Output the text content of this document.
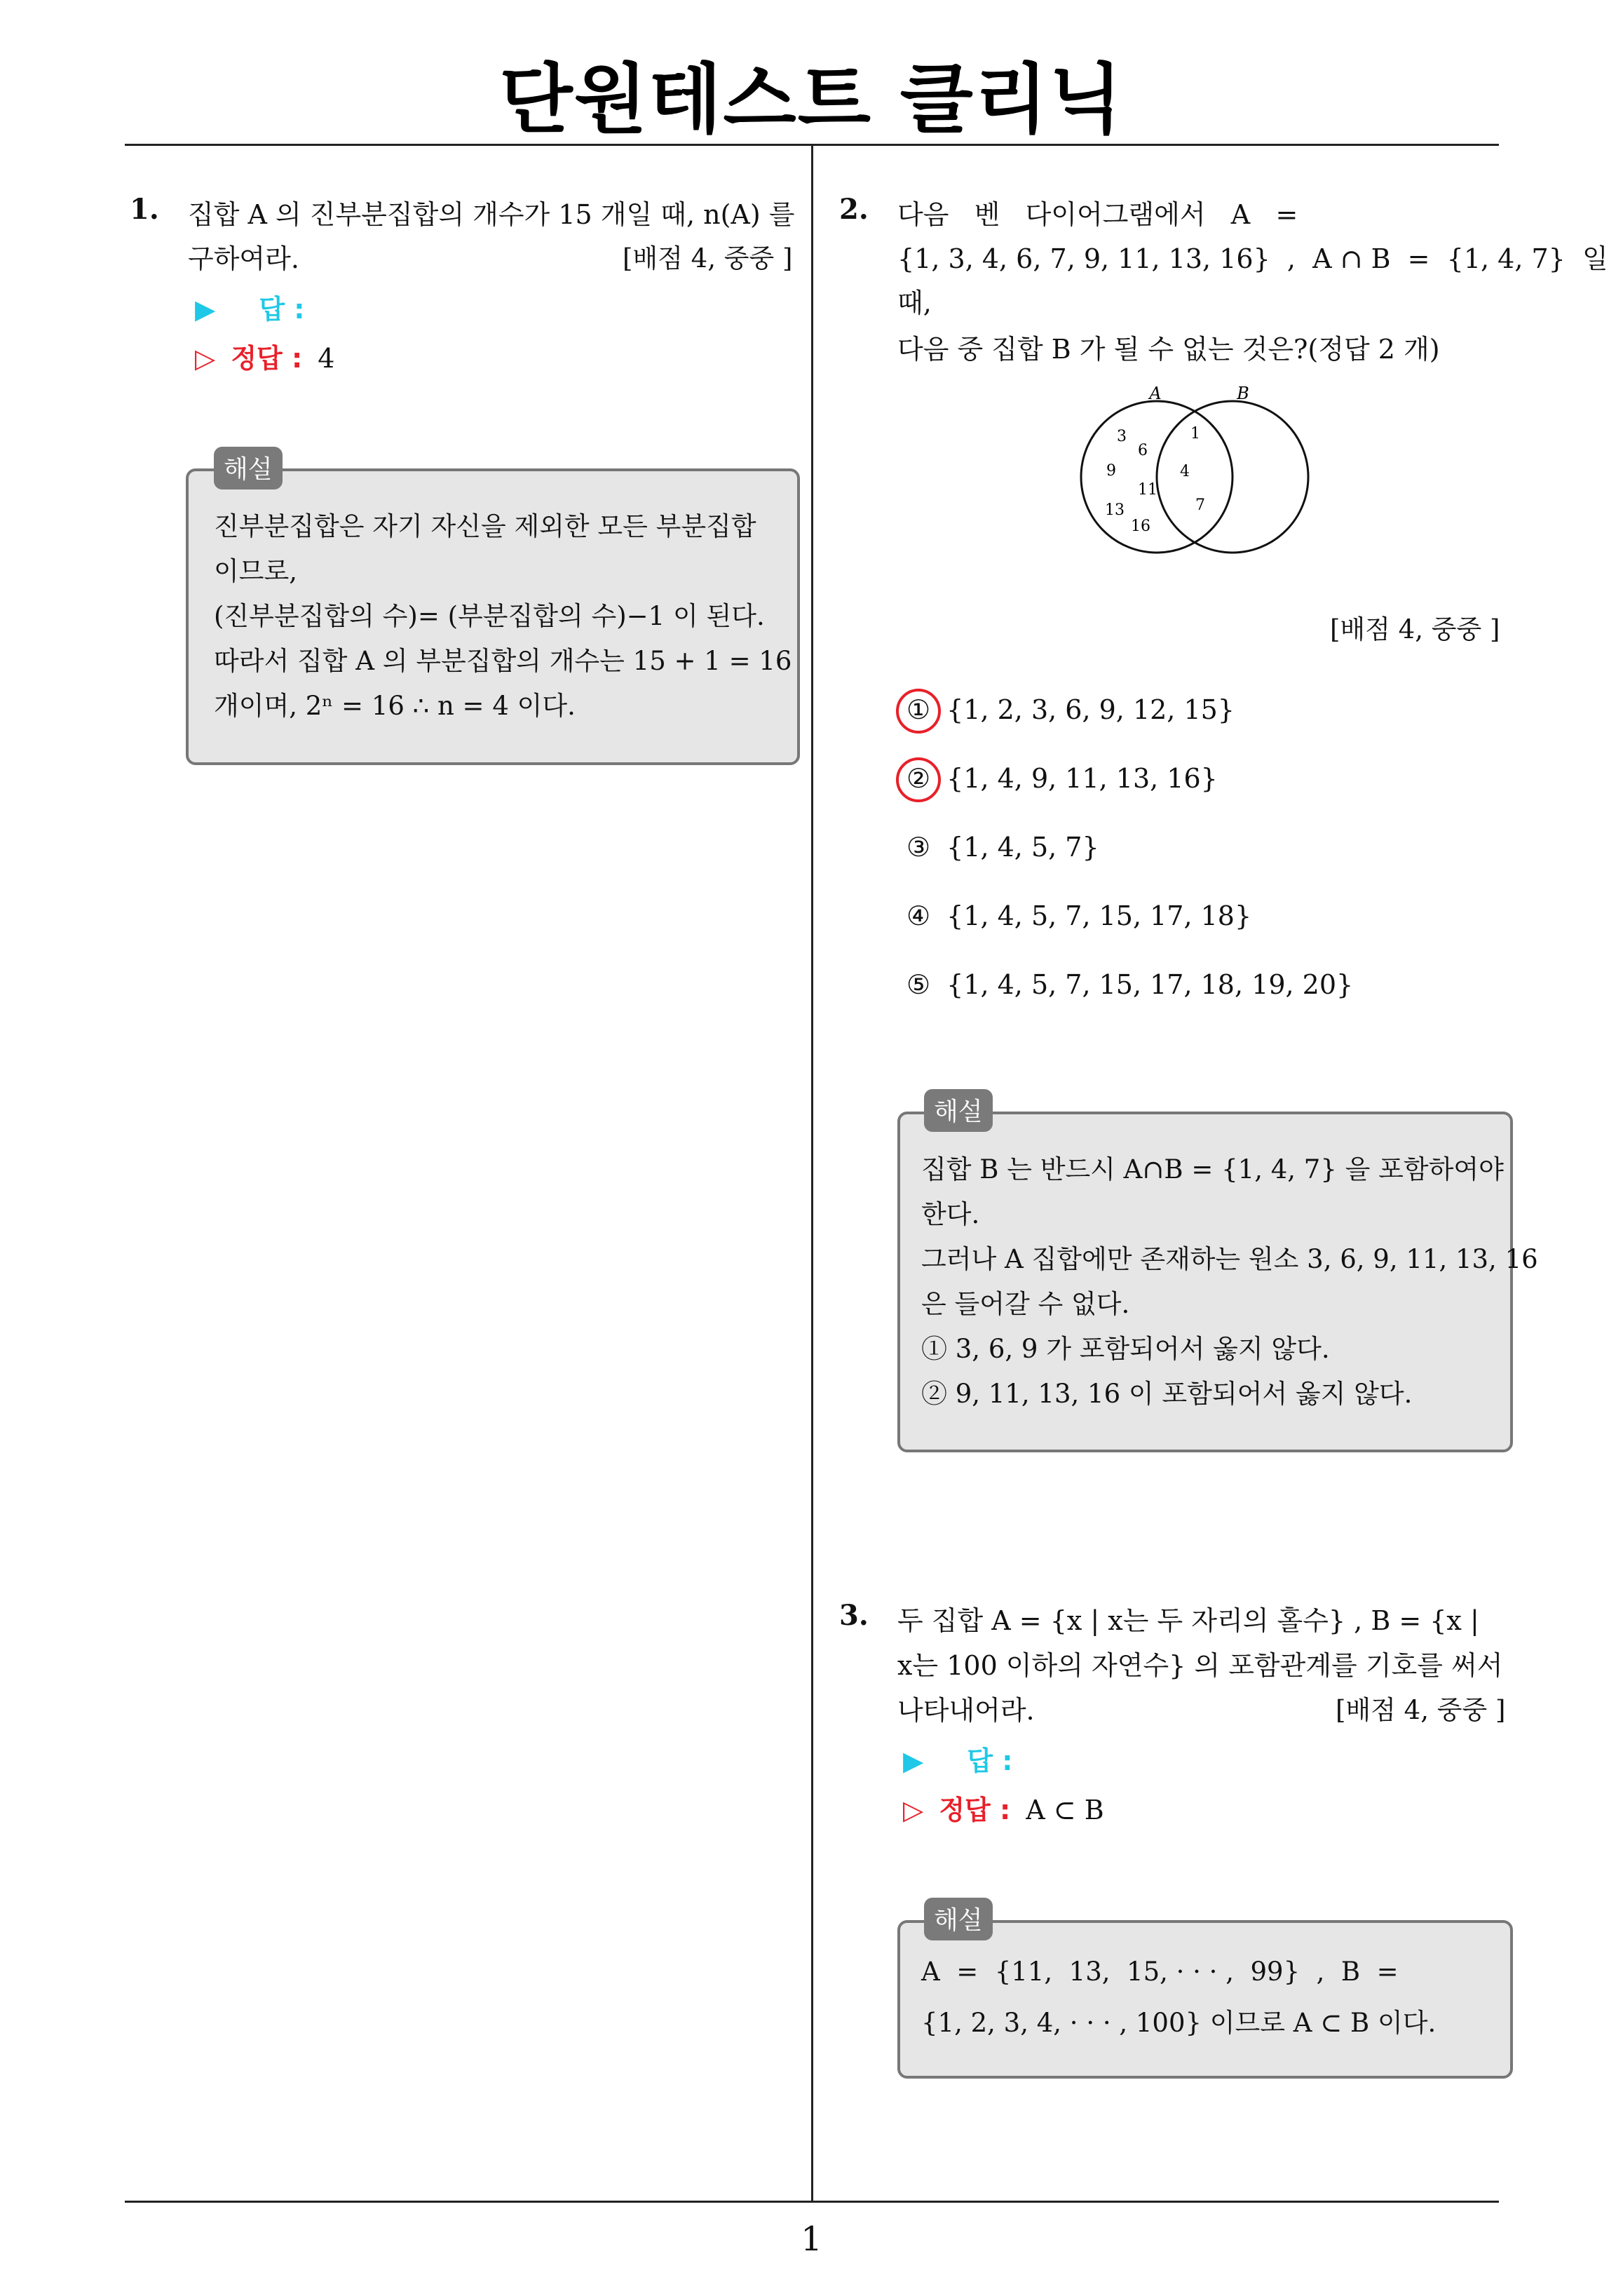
단원테스트 클리닉
1. 집합 A 의 진부분집합의 개수가 15 개일 때, n(A) 를
구하여라.	[배점 4, 중중 ]
▶ 답 :
▷ 정답 : 4
진부분집합은 자기 자신을 제외한 모든 부분집합
이므로,
(진부분집합의 수)= (부분집합의 수)−1 이 된다.
따라서 집합 A 의 부분집합의 개수는 15 + 1 = 16
개이며, 2ⁿ = 16 ∴ n = 4 이다.
해설
2. 다음   벤   다이어그램에서   A   =
{1, 3, 4, 6, 7, 9, 11, 13, 16}  ,  A ∩ B  =  {1, 4, 7}  일
때,
다음 중 집합 B 가 될 수 없는 것은?(정답 2 개)
A	B
3
6
9
11
13
16
1
4
7
[배점 4, 중중 ]
① {1, 2, 3, 6, 9, 12, 15}
② {1, 4, 9, 11, 13, 16}
③ {1, 4, 5, 7}
④ {1, 4, 5, 7, 15, 17, 18}
⑤ {1, 4, 5, 7, 15, 17, 18, 19, 20}
집합 B 는 반드시 A∩B = {1, 4, 7} 을 포함하여야
한다.
그러나 A 집합에만 존재하는 원소 3, 6, 9, 11, 13, 16
은 들어갈 수 없다.
① 3, 6, 9 가 포함되어서 옳지 않다.
② 9, 11, 13, 16 이 포함되어서 옳지 않다.
해설
3. 두 집합 A = {x | x는 두 자리의 홀수} , B = {x |
x는 100 이하의 자연수} 의 포함관계를 기호를 써서
나타내어라.	[배점 4, 중중 ]
▶ 답 :
▷ 정답 : A ⊂ B
A  =  {11,  13,  15, · · · ,  99}  ,  B  =
{1, 2, 3, 4, · · · , 100} 이므로 A ⊂ B 이다.
해설
1
